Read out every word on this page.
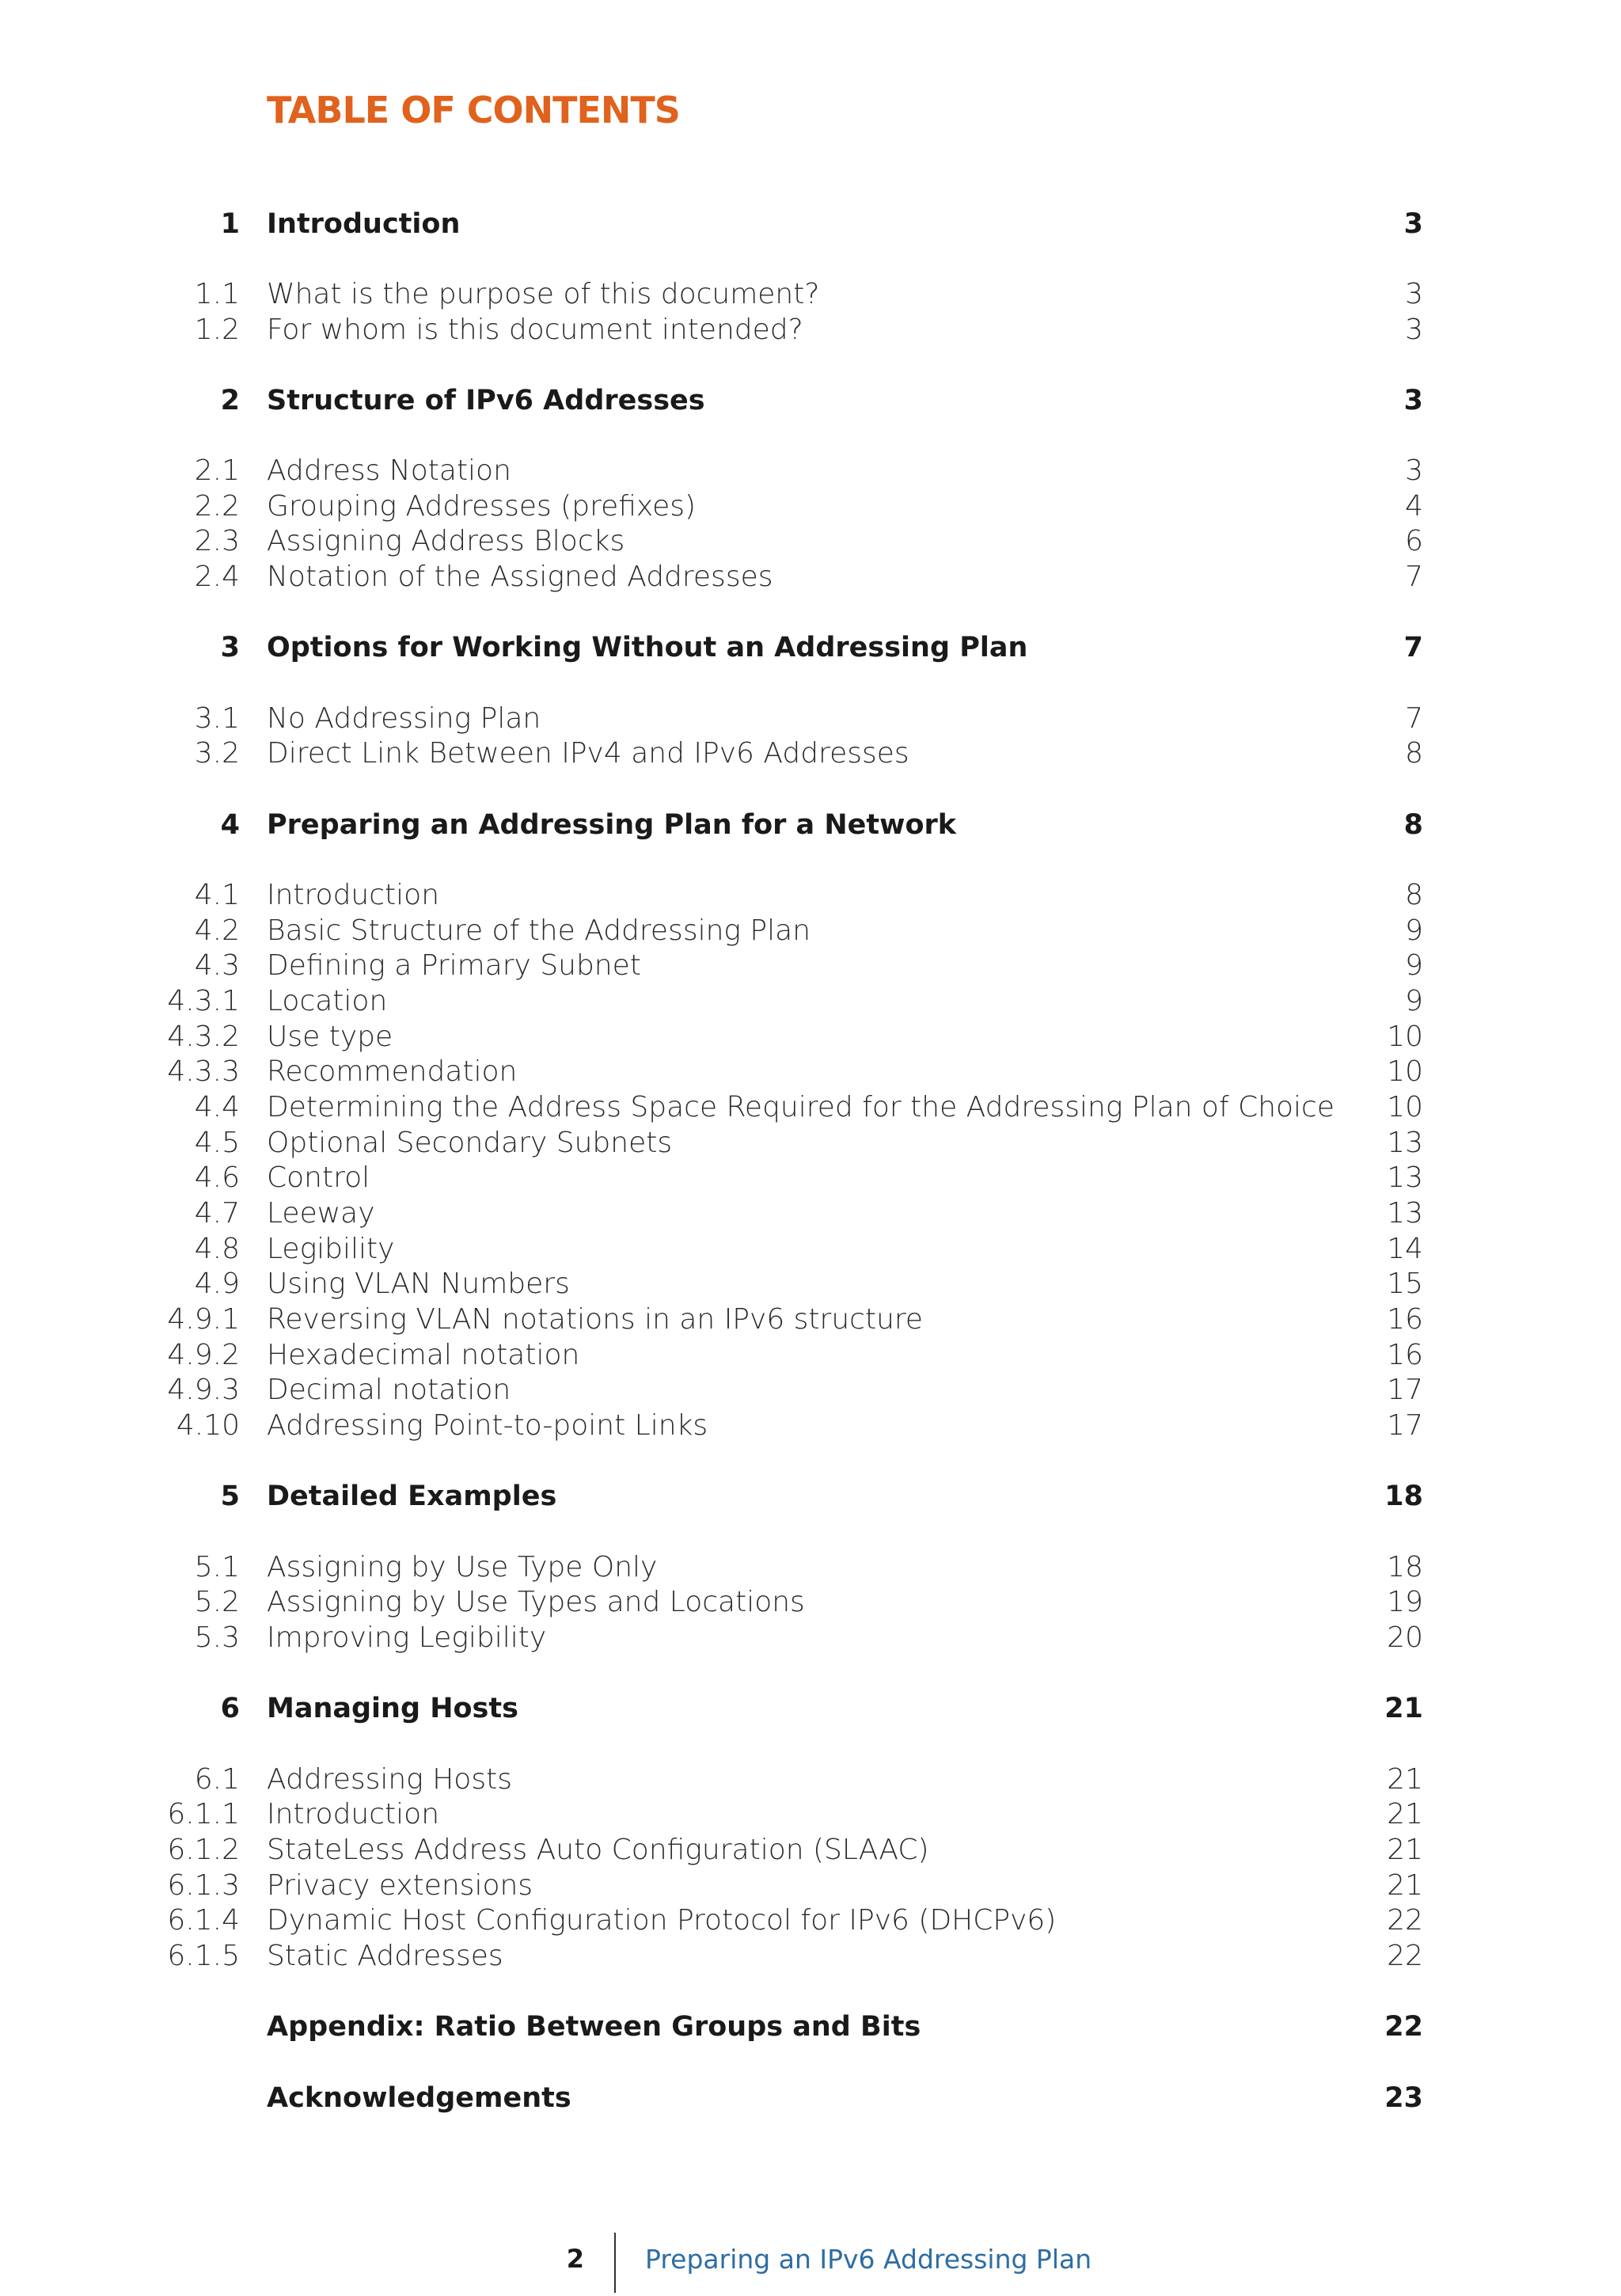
TABLE OF CONTENTS
1 Introduction	3
1.1 What is the purpose of this document?	3
1.2 For whom is this document intended?	3
2 Structure of IPv6 Addresses	3
2.1 Address Notation	3
2.2 Grouping Addresses (prefixes)	4
2.3 Assigning Address Blocks	6
2.4 Notation of the Assigned Addresses	7
3 Options for Working Without an Addressing Plan	7
3.1 No Addressing Plan	7
3.2 Direct Link Between IPv4 and IPv6 Addresses	8
4 Preparing an Addressing Plan for a Network	8
4.1 Introduction	8
4.2 Basic Structure of the Addressing Plan	9
4.3 Defining a Primary Subnet	9
4.3.1 Location	9
4.3.2 Use type	10
4.3.3 Recommendation	10
4.4 Determining the Address Space Required for the Addressing Plan of Choice 10
4.5 Optional Secondary Subnets	13
4.6 Control	13
4.7 Leeway	13
4.8 Legibility	14
4.9 Using VLAN Numbers	15
4.9.1 Reversing VLAN notations in an IPv6 structure	16
4.9.2 Hexadecimal notation	16
4.9.3 Decimal notation	17
4.10 Addressing Point-to-point Links	17
5 Detailed Examples	18
5.1 Assigning by Use Type Only	18
5.2 Assigning by Use Types and Locations	19
5.3 Improving Legibility	20
6 Managing Hosts	21
6.1 Addressing Hosts	21
6.1.1 Introduction	21
6.1.2 StateLess Address Auto Configuration (SLAAC)	21
6.1.3 Privacy extensions	21
6.1.4 Dynamic Host Configuration Protocol for IPv6 (DHCPv6)	22
6.1.5 Static Addresses	22
Appendix: Ratio Between Groups and Bits	22
Acknowledgements	23
2 Preparing an IPv6 Addressing Plan
